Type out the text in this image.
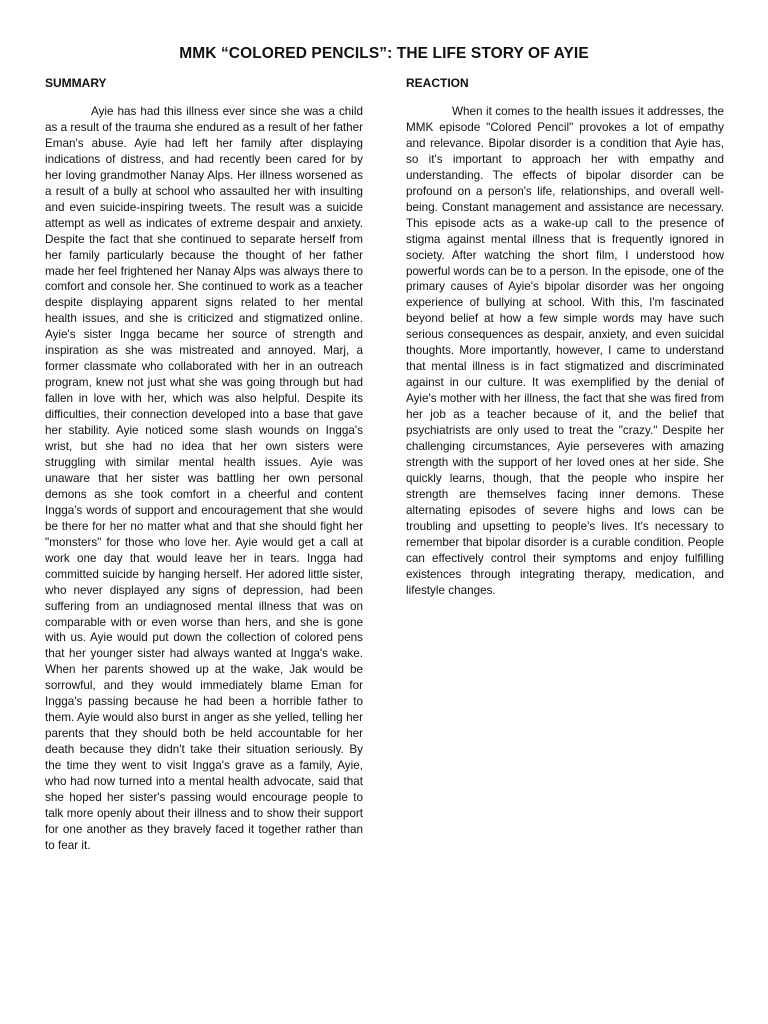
MMK “COLORED PENCILS”: THE LIFE STORY OF AYIE
SUMMARY

Ayie has had this illness ever since she was a child as a result of the trauma she endured as a result of her father Eman's abuse. Ayie had left her family after displaying indications of distress, and had recently been cared for by her loving grandmother Nanay Alps. Her illness worsened as a result of a bully at school who assaulted her with insulting and even suicide-inspiring tweets. The result was a suicide attempt as well as indicates of extreme despair and anxiety. Despite the fact that she continued to separate herself from her family particularly because the thought of her father made her feel frightened her Nanay Alps was always there to comfort and console her. She continued to work as a teacher despite displaying apparent signs related to her mental health issues, and she is criticized and stigmatized online. Ayie's sister Ingga became her source of strength and inspiration as she was mistreated and annoyed. Marj, a former classmate who collaborated with her in an outreach program, knew not just what she was going through but had fallen in love with her, which was also helpful. Despite its difficulties, their connection developed into a base that gave her stability. Ayie noticed some slash wounds on Ingga's wrist, but she had no idea that her own sisters were struggling with similar mental health issues. Ayie was unaware that her sister was battling her own personal demons as she took comfort in a cheerful and content Ingga's words of support and encouragement that she would be there for her no matter what and that she should fight her "monsters" for those who love her. Ayie would get a call at work one day that would leave her in tears. Ingga had committed suicide by hanging herself. Her adored little sister, who never displayed any signs of depression, had been suffering from an undiagnosed mental illness that was on comparable with or even worse than hers, and she is gone with us. Ayie would put down the collection of colored pens that her younger sister had always wanted at Ingga's wake. When her parents showed up at the wake, Jak would be sorrowful, and they would immediately blame Eman for Ingga's passing because he had been a horrible father to them. Ayie would also burst in anger as she yelled, telling her parents that they should both be held accountable for her death because they didn't take their situation seriously. By the time they went to visit Ingga's grave as a family, Ayie, who had now turned into a mental health advocate, said that she hoped her sister's passing would encourage people to talk more openly about their illness and to show their support for one another as they bravely faced it together rather than to fear it.

REACTION

When it comes to the health issues it addresses, the MMK episode "Colored Pencil" provokes a lot of empathy and relevance. Bipolar disorder is a condition that Ayie has, so it's important to approach her with empathy and understanding. The effects of bipolar disorder can be profound on a person's life, relationships, and overall well-being. Constant management and assistance are necessary. This episode acts as a wake-up call to the presence of stigma against mental illness that is frequently ignored in society. After watching the short film, I understood how powerful words can be to a person. In the episode, one of the primary causes of Ayie's bipolar disorder was her ongoing experience of bullying at school. With this, I'm fascinated beyond belief at how a few simple words may have such serious consequences as despair, anxiety, and even suicidal thoughts. More importantly, however, I came to understand that mental illness is in fact stigmatized and discriminated against in our culture. It was exemplified by the denial of Ayie's mother with her illness, the fact that she was fired from her job as a teacher because of it, and the belief that psychiatrists are only used to treat the "crazy." Despite her challenging circumstances, Ayie perseveres with amazing strength with the support of her loved ones at her side. She quickly learns, though, that the people who inspire her strength are themselves facing inner demons. These alternating episodes of severe highs and lows can be troubling and upsetting to people's lives. It's necessary to remember that bipolar disorder is a curable condition. People can effectively control their symptoms and enjoy fulfilling existences through integrating therapy, medication, and lifestyle changes.
